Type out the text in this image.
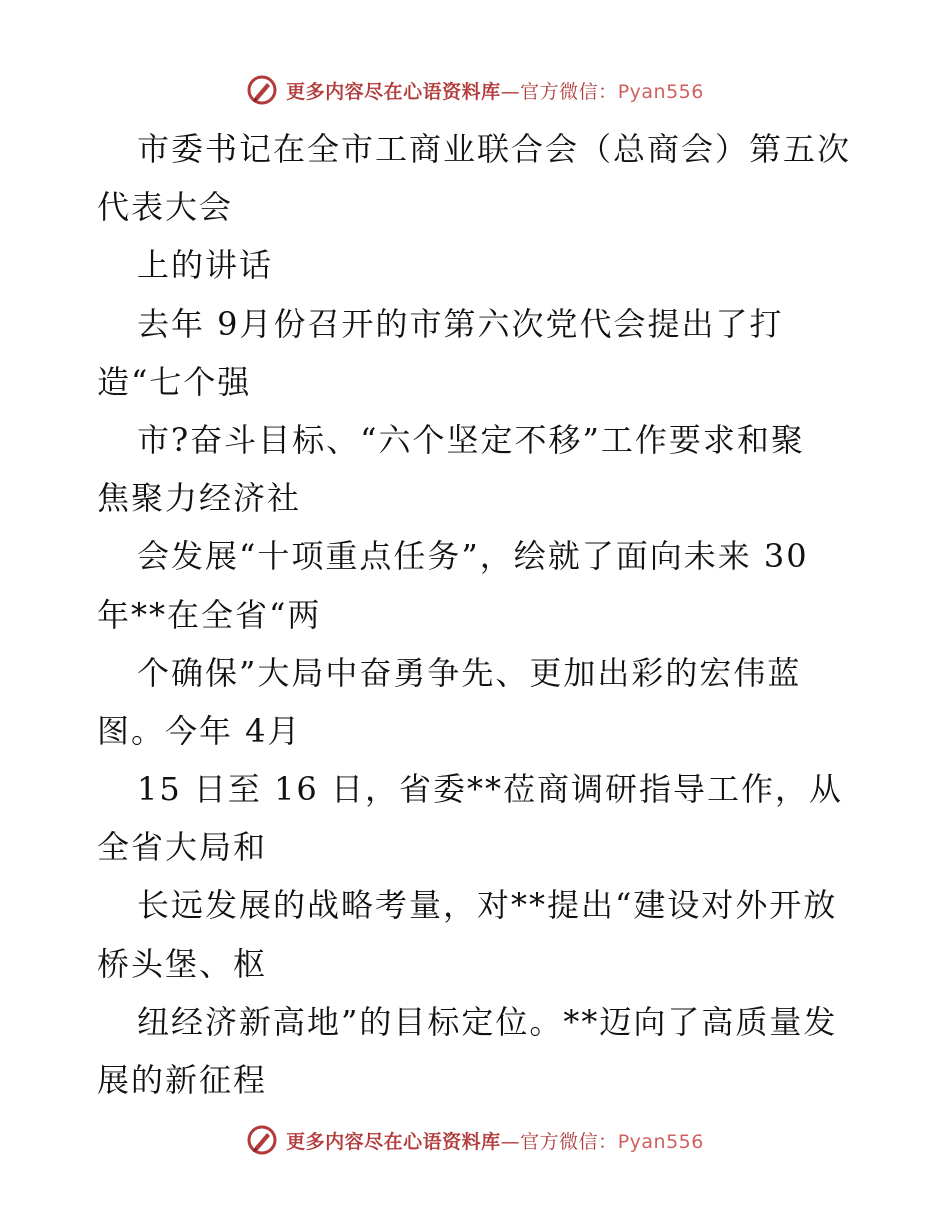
更多内容尽在心语资料库 — 官方微信： Pyan556
市委书记在全市工商业联合会（总商会）第五次
代表大会
上的讲话
去年 9月份召开的市第六次党代会提出了打
造“七个强
市?奋斗目标、“六个坚定不移”工作要求和聚
焦聚力经济社
会发展“十项重点任务”，绘就了面向未来 30
年**在全省“两
个确保”大局中奋勇争先、更加出彩的宏伟蓝
图。今年 4月
15 日至 16 日，省委**莅商调研指导工作，从
全省大局和
长远发展的战略考量，对**提出“建设对外开放
桥头堡、枢
纽经济新高地”的目标定位。**迈向了高质量发
展的新征程
更多内容尽在心语资料库 — 官方微信： Pyan556
